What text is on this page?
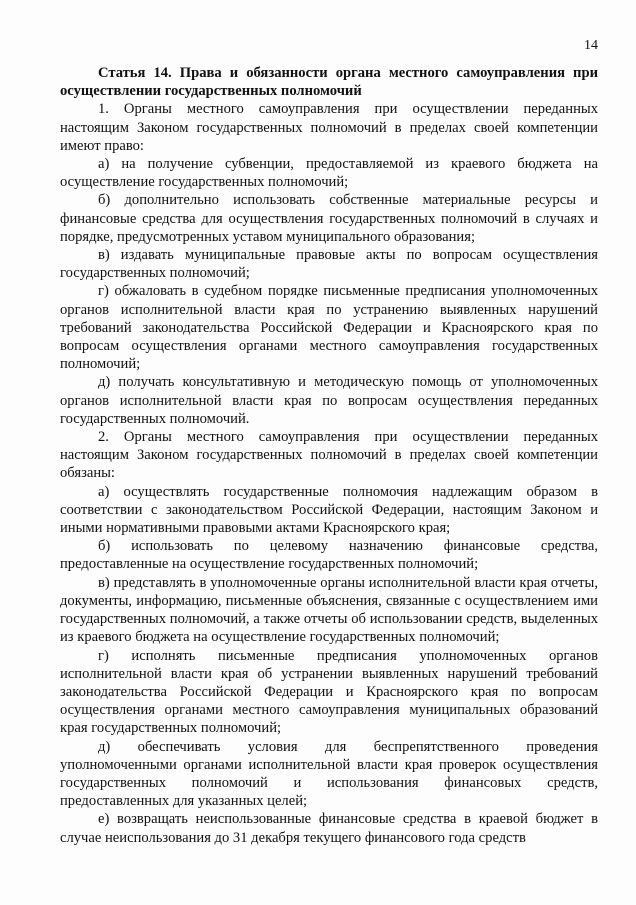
14

Статья 14. Права и обязанности органа местного самоуправления при осуществлении государственных полномочий

1. Органы местного самоуправления при осуществлении переданных настоящим Законом государственных полномочий в пределах своей компетенции имеют право:

а) на получение субвенции, предоставляемой из краевого бюджета на осуществление государственных полномочий;

б) дополнительно использовать собственные материальные ресурсы и финансовые средства для осуществления государственных полномочий в случаях и порядке, предусмотренных уставом муниципального образования;

в) издавать муниципальные правовые акты по вопросам осуществления государственных полномочий;

г) обжаловать в судебном порядке письменные предписания уполномоченных органов исполнительной власти края по устранению выявленных нарушений требований законодательства Российской Федерации и Красноярского края по вопросам осуществления органами местного самоуправления государственных полномочий;

д) получать консультативную и методическую помощь от уполномоченных органов исполнительной власти края по вопросам осуществления переданных государственных полномочий.

2. Органы местного самоуправления при осуществлении переданных настоящим Законом государственных полномочий в пределах своей компетенции обязаны:

а) осуществлять государственные полномочия надлежащим образом в соответствии с законодательством Российской Федерации, настоящим Законом и иными нормативными правовыми актами Красноярского края;

б) использовать по целевому назначению финансовые средства, предоставленные на осуществление государственных полномочий;

в) представлять в уполномоченные органы исполнительной власти края отчеты, документы, информацию, письменные объяснения, связанные с осуществлением ими государственных полномочий, а также отчеты об использовании средств, выделенных из краевого бюджета на осуществление государственных полномочий;

г) исполнять письменные предписания уполномоченных органов исполнительной власти края об устранении выявленных нарушений требований законодательства Российской Федерации и Красноярского края по вопросам осуществления органами местного самоуправления муниципальных образований края государственных полномочий;

д) обеспечивать условия для беспрепятственного проведения уполномоченными органами исполнительной власти края проверок осуществления государственных полномочий и использования финансовых средств, предоставленных для указанных целей;

е) возвращать неиспользованные финансовые средства в краевой бюджет в случае неиспользования до 31 декабря текущего финансового года средств
